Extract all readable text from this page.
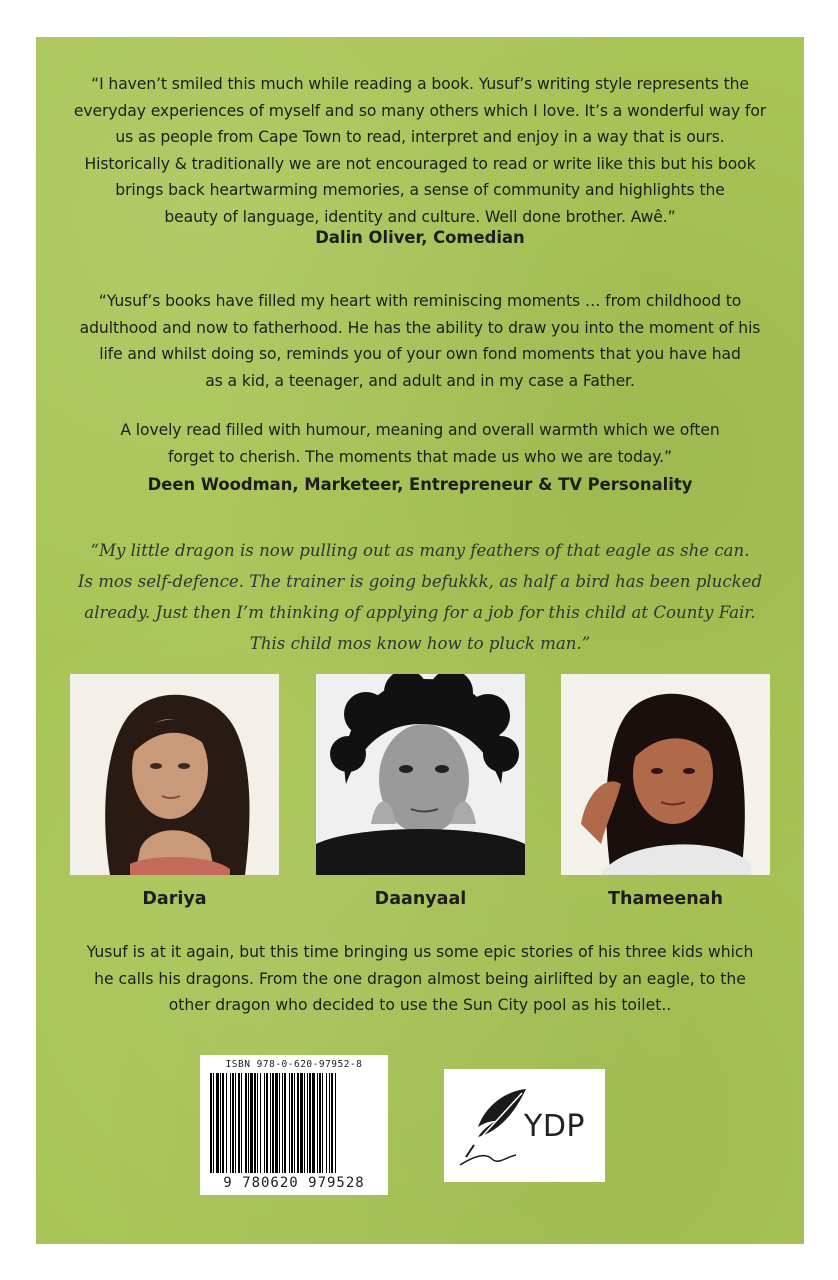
“I haven’t smiled this much while reading a book. Yusuf’s writing style represents the
everyday experiences of myself and so many others which I love. It’s a wonderful way for
us as people from Cape Town to read, interpret and enjoy in a way that is ours.
Historically & traditionally we are not encouraged to read or write like this but his book
brings back heartwarming memories, a sense of community and highlights the
beauty of language, identity and culture. Well done brother. Awê.”

Dalin Oliver, Comedian

“Yusuf’s books have filled my heart with reminiscing moments … from childhood to
adulthood and now to fatherhood. He has the ability to draw you into the moment of his
life and whilst doing so, reminds you of your own fond moments that you have had
as a kid, a teenager, and adult and in my case a Father.

A lovely read filled with humour, meaning and overall warmth which we often
forget to cherish. The moments that made us who we are today.”

Deen Woodman, Marketeer, Entrepreneur & TV Personality

“My little dragon is now pulling out as many feathers of that eagle as she can.
Is mos self-defence. The trainer is going befukkk, as half a bird has been plucked
already. Just then I’m thinking of applying for a job for this child at County Fair.
This child mos know how to pluck man.”

Dariya	Daanyaal	Thameenah

Yusuf is at it again, but this time bringing us some epic stories of his three kids which
he calls his dragons. From the one dragon almost being airlifted by an eagle, to the
other dragon who decided to use the Sun City pool as his toilet..

ISBN 978-0-620-97952-8

9 780620 979528

YDP
